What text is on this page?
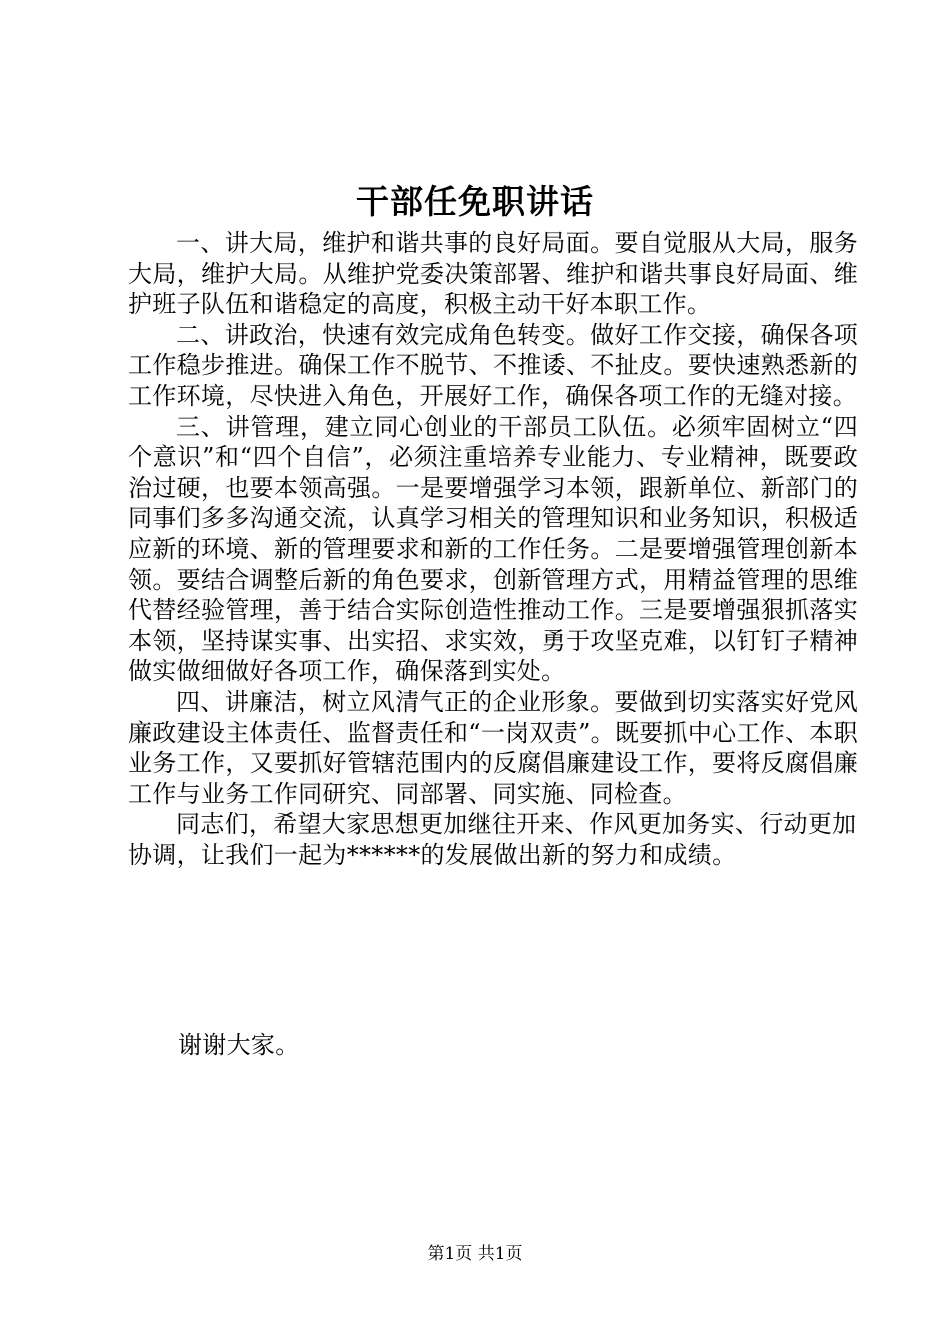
干部任免职讲话

一、讲大局，维护和谐共事的良好局面。要自觉服从大局，服务大局，维护大局。从维护党委决策部署、维护和谐共事良好局面、维护班子队伍和谐稳定的高度，积极主动干好本职工作。

二、讲政治，快速有效完成角色转变。做好工作交接，确保各项工作稳步推进。确保工作不脱节、不推诿、不扯皮。要快速熟悉新的工作环境，尽快进入角色，开展好工作，确保各项工作的无缝对接。

三、讲管理，建立同心创业的干部员工队伍。必须牢固树立“四个意识”和“四个自信”，必须注重培养专业能力、专业精神，既要政治过硬，也要本领高强。一是要增强学习本领，跟新单位、新部门的同事们多多沟通交流，认真学习相关的管理知识和业务知识，积极适应新的环境、新的管理要求和新的工作任务。二是要增强管理创新本领。要结合调整后新的角色要求，创新管理方式，用精益管理的思维代替经验管理，善于结合实际创造性推动工作。三是要增强狠抓落实本领，坚持谋实事、出实招、求实效，勇于攻坚克难，以钉钉子精神做实做细做好各项工作，确保落到实处。

四、讲廉洁，树立风清气正的企业形象。要做到切实落实好党风廉政建设主体责任、监督责任和“一岗双责”。既要抓中心工作、本职业务工作，又要抓好管辖范围内的反腐倡廉建设工作，要将反腐倡廉工作与业务工作同研究、同部署、同实施、同检查。

同志们，希望大家思想更加继往开来、作风更加务实、行动更加协调，让我们一起为******的发展做出新的努力和成绩。

谢谢大家。
第1页 共1页
